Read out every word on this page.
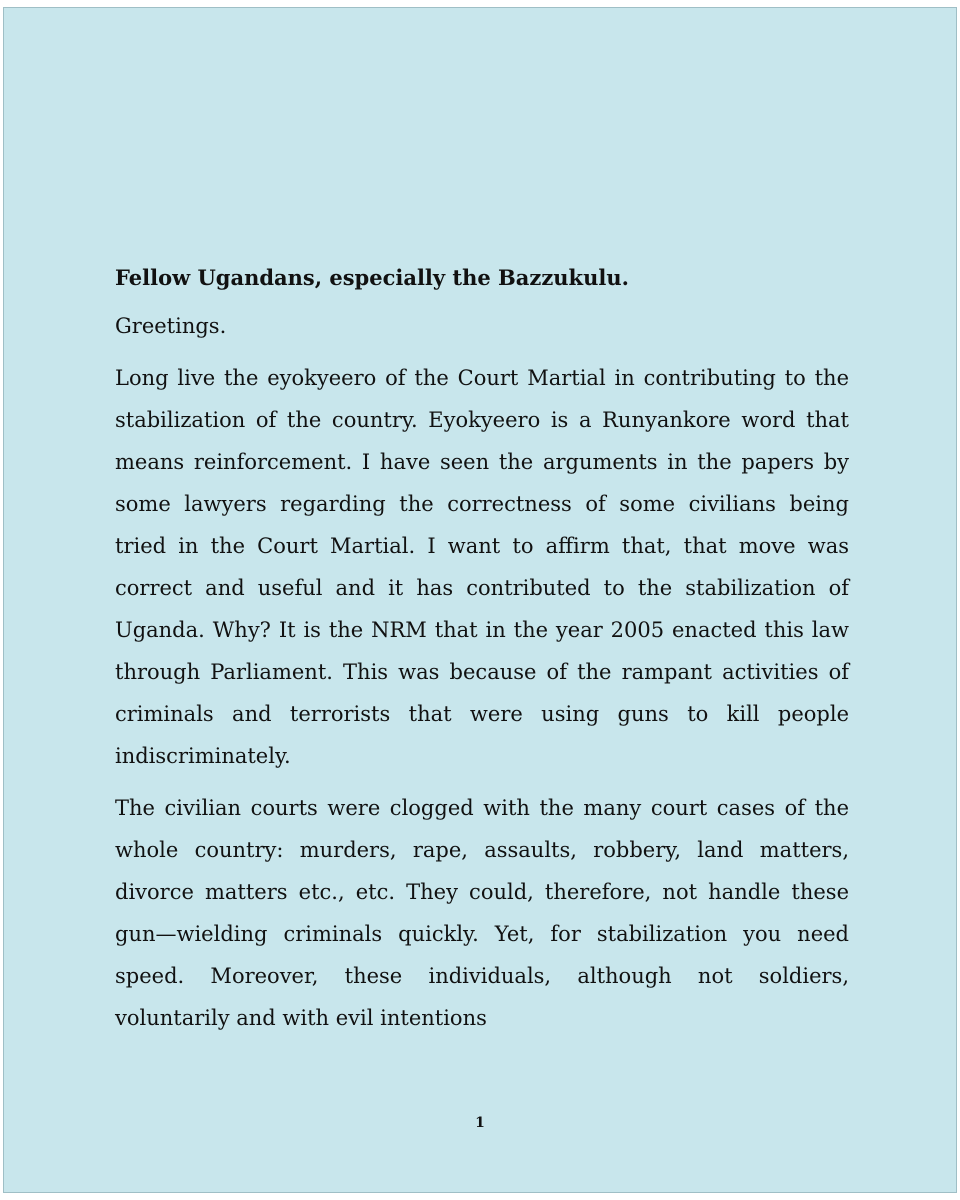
Fellow Ugandans, especially the Bazzukulu.

Greetings.

Long live the eyokyeero of the Court Martial in contributing to the stabilization of the country. Eyokyeero is a Runyankore word that means reinforcement. I have seen the arguments in the papers by some lawyers regarding the correctness of some civilians being tried in the Court Martial. I want to affirm that, that move was correct and useful and it has contributed to the stabilization of Uganda. Why? It is the NRM that in the year 2005 enacted this law through Parliament. This was because of the rampant activities of criminals and terrorists that were using guns to kill people indiscriminately.

The civilian courts were clogged with the many court cases of the whole country: murders, rape, assaults, robbery, land matters, divorce matters etc., etc. They could, therefore, not handle these gun—wielding criminals quickly. Yet, for stabilization you need speed. Moreover, these individuals, although not soldiers, voluntarily and with evil intentions

1
